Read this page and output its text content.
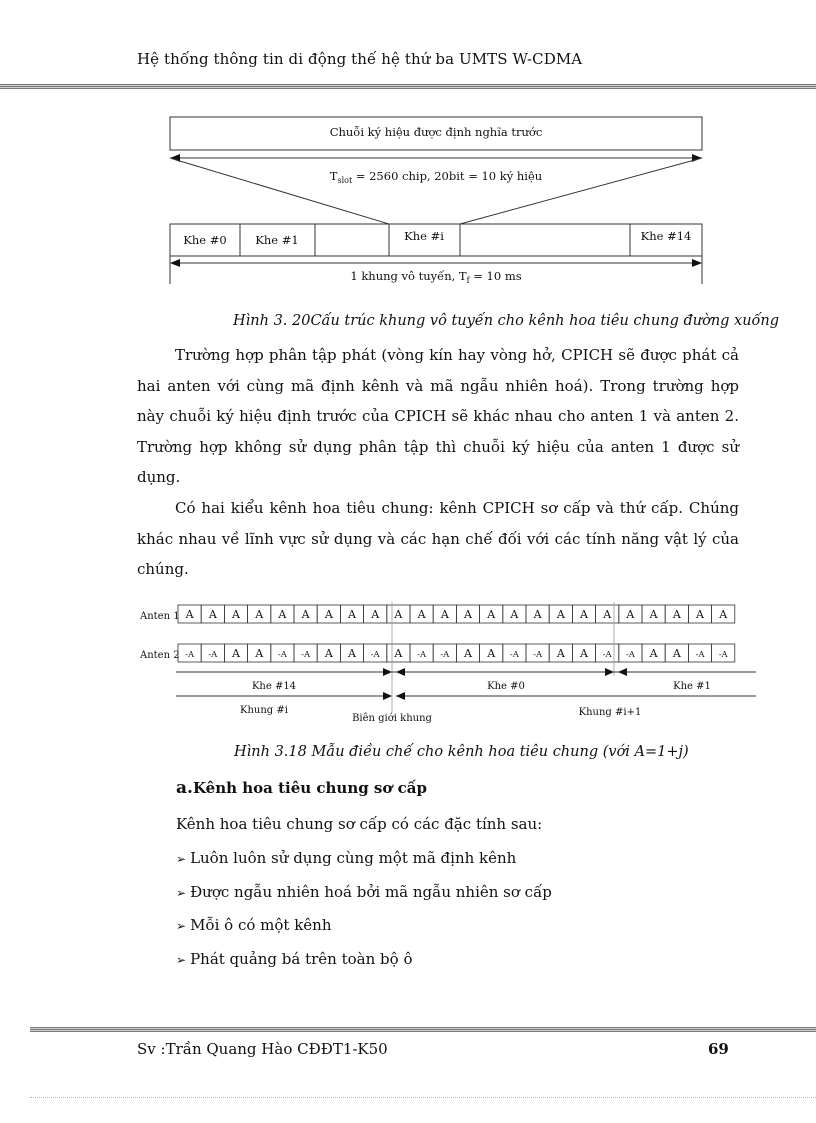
Hệ thống thông tin di động thế hệ thứ ba UMTS W-CDMA
Chuỗi ký hiệu được định nghĩa trước
$T_{slot} = 2560$ chip, 20bit = 10 ký hiệu
Khe #0 Khe #1	Khe #i	Khe #14
1 khung vô tuyến, $T_f = 10$ ms
Hình 3. 20Cấu trúc khung vô tuyến cho kênh hoa tiêu chung đường xuống

Trường hợp phân tập phát (vòng kín hay vòng hở, CPICH sẽ được phát cả hai anten với cùng mã định kênh và mã ngẫu nhiên hoá). Trong trường hợp này chuỗi ký hiệu định trước của CPICH sẽ khác nhau cho anten 1 và anten 2. Trường hợp không sử dụng phân tập thì chuỗi ký hiệu của anten 1 được sử dụng.

Có hai kiểu kênh hoa tiêu chung: kênh CPICH sơ cấp và thứ cấp. Chúng khác nhau về lĩnh vực sử dụng và các hạn chế đối với các tính năng vật lý của chúng.

Anten 1
Anten 2
A A A A A A A A A A A A A A A A A A A A A A A A
-A -A A A -A -A A A -A A -A -A A A -A -A A A -A -A A A -A -A
Khe #14	Khe #0	Khe #1
Khung #i
Biên giới khung
Khung #i+1
Hình 3.18 Mẫu điều chế cho kênh hoa tiêu chung (với A=1+j)
a.Kênh hoa tiêu chung sơ cấp
Kênh hoa tiêu chung sơ cấp có các đặc tính sau:
➢ Luôn luôn sử dụng cùng một mã định kênh
➢ Được ngẫu nhiên hoá bởi mã ngẫu nhiên sơ cấp
➢ Mỗi ô có một kênh
➢ Phát quảng bá trên toàn bộ ô
Sv :Trần Quang Hào CĐĐT1-K50	69
